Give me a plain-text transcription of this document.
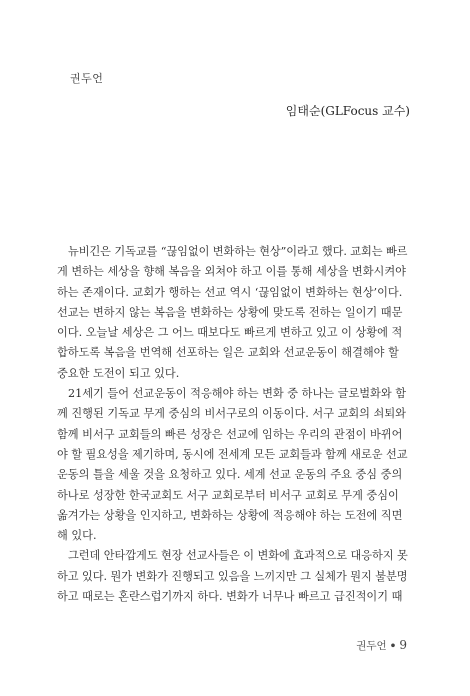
권두언
임태순(GLFocus 교수)
뉴비긴은 기독교를 “끊임없이 변화하는 현상”이라고 했다. 교회는 빠르
게 변하는 세상을 향해 복음을 외쳐야 하고 이를 통해 세상을 변화시켜야
하는 존재이다. 교회가 행하는 선교 역시 ‘끊임없이 변화하는 현상’이다.
선교는 변하지 않는 복음을 변화하는 상황에 맞도록 전하는 일이기 때문
이다. 오늘날 세상은 그 어느 때보다도 빠르게 변하고 있고 이 상황에 적
합하도록 복음을 번역해 선포하는 일은 교회와 선교운동이 해결해야 할
중요한 도전이 되고 있다.
21세기 들어 선교운동이 적응해야 하는 변화 중 하나는 글로벌화와 함
께 진행된 기독교 무게 중심의 비서구로의 이동이다. 서구 교회의 쇠퇴와
함께 비서구 교회들의 빠른 성장은 선교에 임하는 우리의 관점이 바뀌어
야 할 필요성을 제기하며, 동시에 전세계 모든 교회들과 함께 새로운 선교
운동의 틀을 세울 것을 요청하고 있다. 세계 선교 운동의 주요 중심 중의
하나로 성장한 한국교회도 서구 교회로부터 비서구 교회로 무게 중심이
옮겨가는 상황을 인지하고, 변화하는 상황에 적응해야 하는 도전에 직면
해 있다.
그런데 안타깝게도 현장 선교사들은 이 변화에 효과적으로 대응하지 못
하고 있다. 뭔가 변화가 진행되고 있음을 느끼지만 그 실체가 뭔지 불분명
하고 때로는 혼란스럽기까지 하다. 변화가 너무나 빠르고 급진적이기 때
권두언 • 9
